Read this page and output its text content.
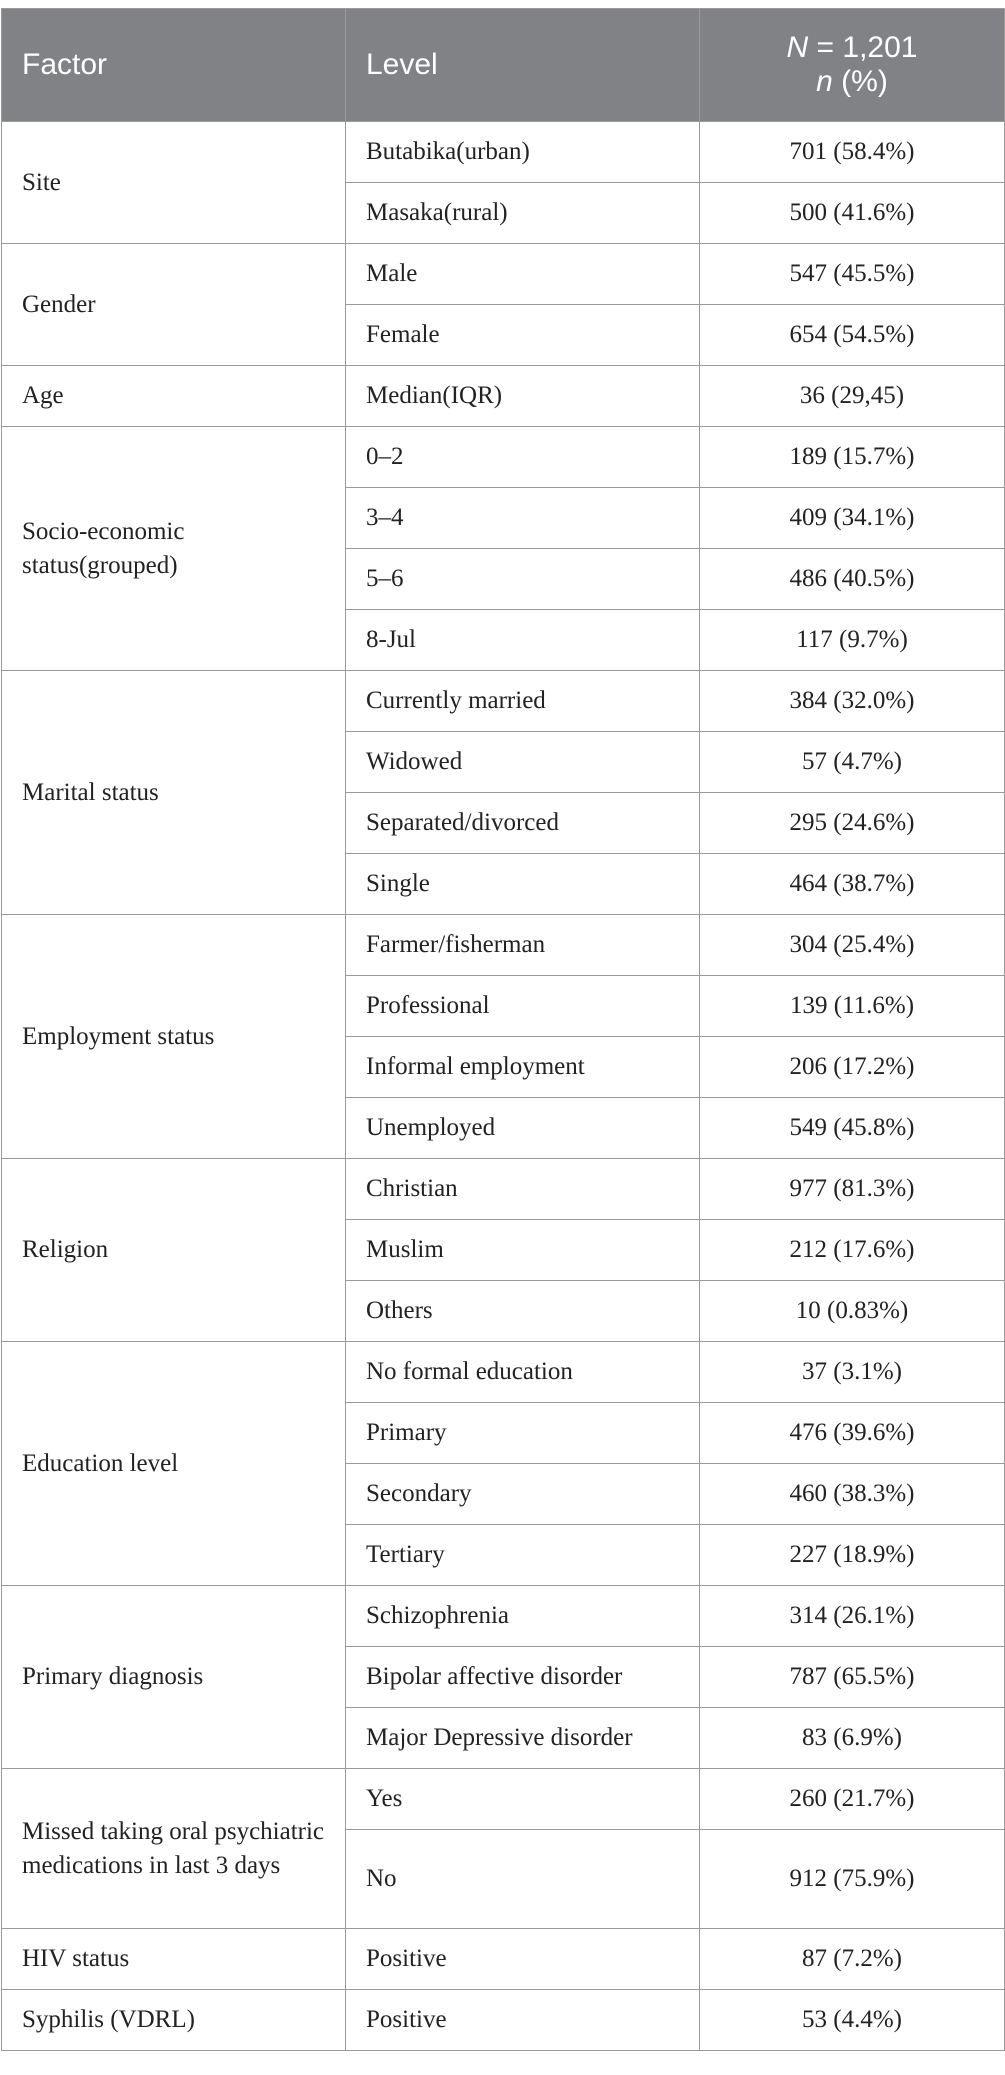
Factor	Level	N = 1,201
n (%)
Site	Butabika(urban)	701 (58.4%)
	Masaka(rural)	500 (41.6%)
Gender	Male	547 (45.5%)
	Female	654 (54.5%)
Age	Median(IQR)	36 (29,45)
Socio-economic status(grouped)	0–2	189 (15.7%)
	3–4	409 (34.1%)
	5–6	486 (40.5%)
	8-Jul	117 (9.7%)
Marital status	Currently married	384 (32.0%)
	Widowed	57 (4.7%)
	Separated/divorced	295 (24.6%)
	Single	464 (38.7%)
Employment status	Farmer/fisherman	304 (25.4%)
	Professional	139 (11.6%)
	Informal employment	206 (17.2%)
	Unemployed	549 (45.8%)
Religion	Christian	977 (81.3%)
	Muslim	212 (17.6%)
	Others	10 (0.83%)
Education level	No formal education	37 (3.1%)
	Primary	476 (39.6%)
	Secondary	460 (38.3%)
	Tertiary	227 (18.9%)
Primary diagnosis	Schizophrenia	314 (26.1%)
	Bipolar affective disorder	787 (65.5%)
	Major Depressive disorder	83 (6.9%)
Missed taking oral psychiatric medications in last 3 days	Yes	260 (21.7%)
	No	912 (75.9%)
HIV status	Positive	87 (7.2%)
Syphilis (VDRL)	Positive	53 (4.4%)
